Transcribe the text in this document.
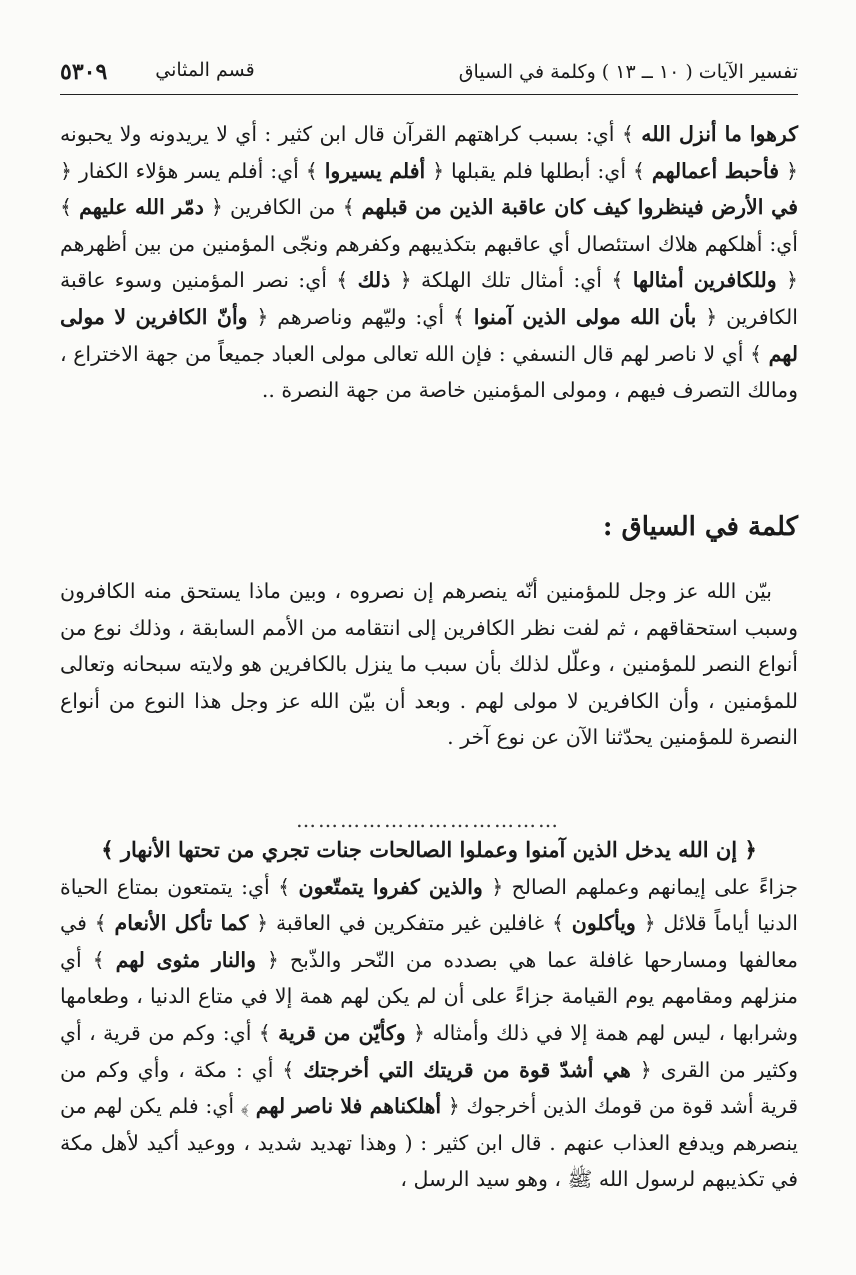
تفسير الآيات ( ١٠ ــ ١٣ ) وكلمة في السياق
قسم المثاني
٥٣٠٩

كرهوا ما أنزل الله ﴾ أي: بسبب كراهتهم القرآن قال ابن كثير : أي لا يريدونه ولا يحبونه ﴿ فأحبط أعمالهم ﴾ أي: أبطلها فلم يقبلها ﴿ أفلم يسيروا ﴾ أي: أفلم يسر هؤلاء الكفار ﴿ في الأرض فينظروا كيف كان عاقبة الذين من قبلهم ﴾ من الكافرين ﴿ دمّر الله عليهم ﴾ أي: أهلكهم هلاك استئصال أي عاقبهم بتكذيبهم وكفرهم ونجّى المؤمنين من بين أظهرهم ﴿ وللكافرين أمثالها ﴾ أي: أمثال تلك الهلكة ﴿ ذلك ﴾ أي: نصر المؤمنين وسوء عاقبة الكافرين ﴿ بأن الله مولى الذين آمنوا ﴾ أي: وليّهم وناصرهم ﴿ وأنّ الكافرين لا مولى لهم ﴾ أي لا ناصر لهم قال النسفي : فإن الله تعالى مولى العباد جميعاً من جهة الاختراع ، ومالك التصرف فيهم ، ومولى المؤمنين خاصة من جهة النصرة ..

كلمة في السياق :

بيّن الله عز وجل للمؤمنين أنّه ينصرهم إن نصروه ، وبين ماذا يستحق منه الكافرون وسبب استحقاقهم ، ثم لفت نظر الكافرين إلى انتقامه من الأمم السابقة ، وذلك نوع من أنواع النصر للمؤمنين ، وعلّل لذلك بأن سبب ما ينزل بالكافرين هو ولايته سبحانه وتعالى للمؤمنين ، وأن الكافرين لا مولى لهم . وبعد أن بيّن الله عز وجل هذا النوع من أنواع النصرة للمؤمنين يحدّثنا الآن عن نوع آخر .

………………………………

﴿ إن الله يدخل الذين آمنوا وعملوا الصالحات جنات تجري من تحتها الأنهار ﴾

جزاءً على إيمانهم وعملهم الصالح ﴿ والذين كفروا يتمتّعون ﴾ أي: يتمتعون بمتاع الحياة الدنيا أياماً قلائل ﴿ ويأكلون ﴾ غافلين غير متفكرين في العاقبة ﴿ كما تأكل الأنعام ﴾ في معالفها ومسارحها غافلة عما هي بصدده من النّحر والذّبح ﴿ والنار مثوى لهم ﴾ أي منزلهم ومقامهم يوم القيامة جزاءً على أن لم يكن لهم همة إلا في متاع الدنيا ، وطعامها وشرابها ، ليس لهم همة إلا في ذلك وأمثاله ﴿ وكأيّن من قرية ﴾ أي: وكم من قرية ، أي وكثير من القرى ﴿ هي أشدّ قوة من قريتك التي أخرجتك ﴾ أي : مكة ، وأي وكم من قرية أشد قوة من قومك الذين أخرجوك ﴿ أهلكناهم فلا ناصر لهم ﴾ أي: فلم يكن لهم من ينصرهم ويدفع العذاب عنهم . قال ابن كثير : ( وهذا تهديد شديد ، ووعيد أكيد لأهل مكة في تكذيبهم لرسول الله ﷺ ، وهو سيد الرسل ،
